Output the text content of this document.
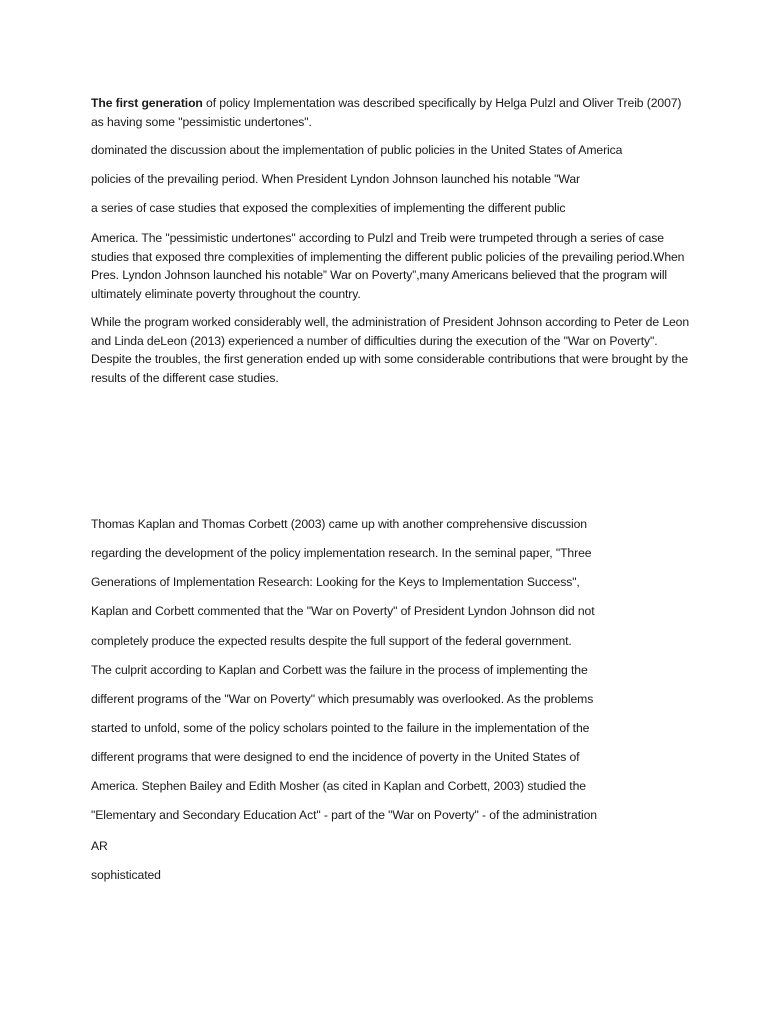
The first generation of policy Implementation was described specifically by Helga Pulzl and Oliver Treib (2007) as having some "pessimistic undertones".

dominated the discussion about the implementation of public policies in the United States of America

policies of the prevailing period. When President Lyndon Johnson launched his notable "War

a series of case studies that exposed the complexities of implementing the different public

America. The "pessimistic undertones" according to Pulzl and Treib were trumpeted through a series of case studies that exposed thre complexities of implementing the different public policies of the prevailing period.When Pres. Lyndon Johnson launched his notable” War on Poverty”,many Americans believed that the program will ultimately eliminate poverty throughout the country.

While the program worked considerably well, the administration of President Johnson according to Peter de Leon and Linda deLeon (2013) experienced a number of difficulties during the execution of the "War on Poverty". Despite the troubles, the first generation ended up with some considerable contributions that were brought by the results of the different case studies.

Thomas Kaplan and Thomas Corbett (2003) came up with another comprehensive discussion

regarding the development of the policy implementation research. In the seminal paper, "Three

Generations of Implementation Research: Looking for the Keys to Implementation Success",

Kaplan and Corbett commented that the "War on Poverty" of President Lyndon Johnson did not

completely produce the expected results despite the full support of the federal government.

The culprit according to Kaplan and Corbett was the failure in the process of implementing the

different programs of the "War on Poverty" which presumably was overlooked. As the problems

started to unfold, some of the policy scholars pointed to the failure in the implementation of the

different programs that were designed to end the incidence of poverty in the United States of

America. Stephen Bailey and Edith Mosher (as cited in Kaplan and Corbett, 2003) studied the

"Elementary and Secondary Education Act" - part of the "War on Poverty" - of the administration

AR

sophisticated
